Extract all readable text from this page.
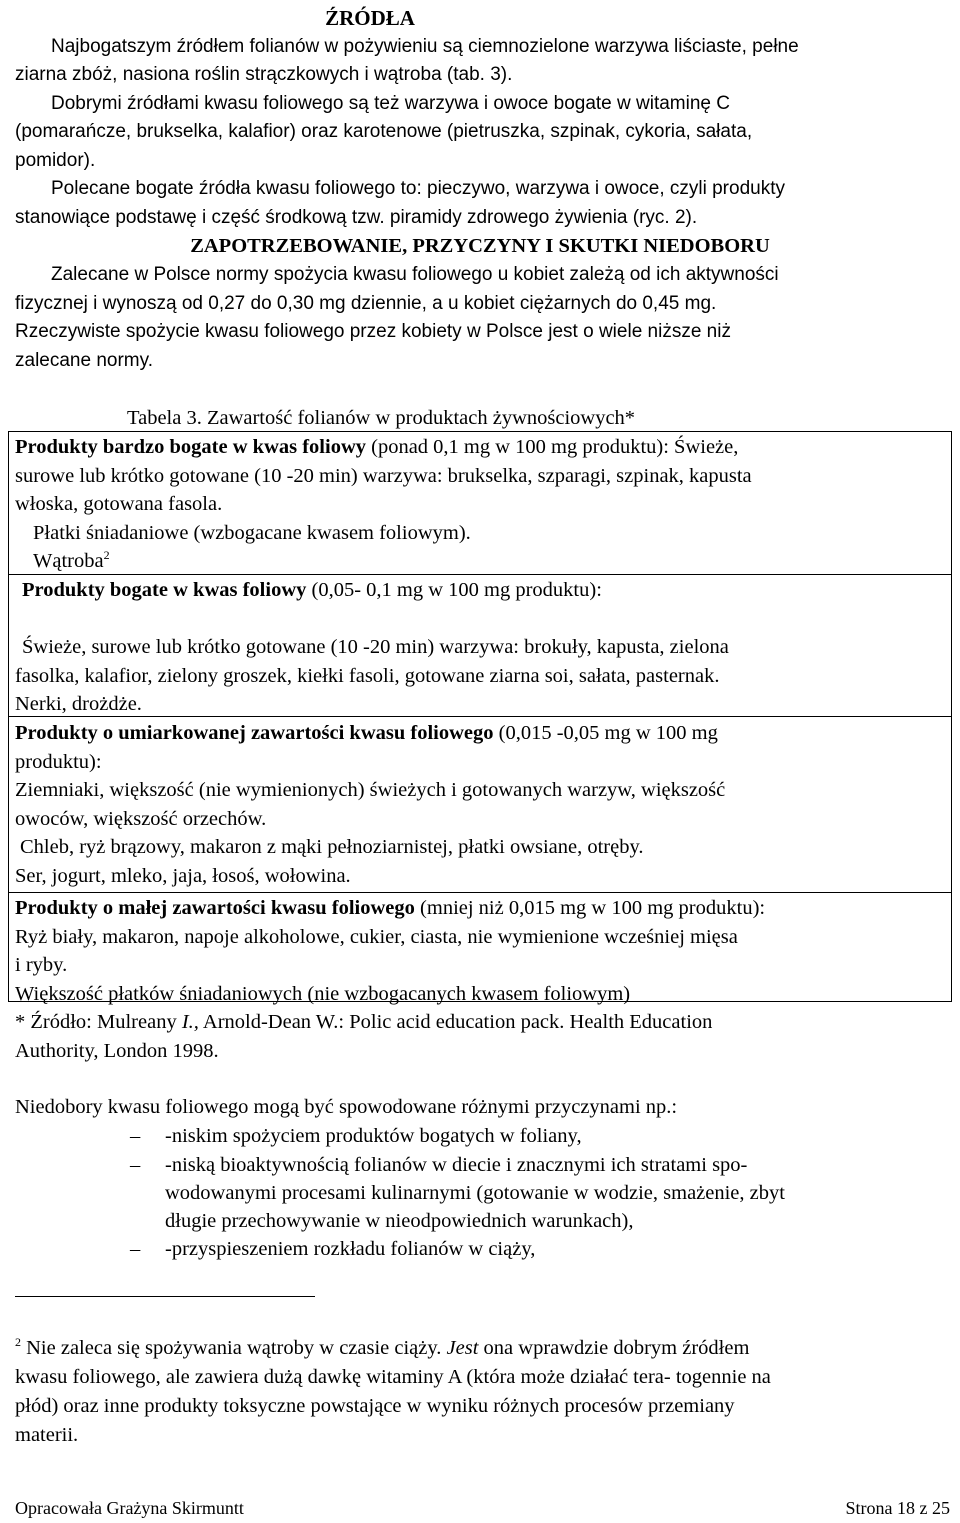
ŹRÓDŁA
Najbogatszym źródłem folianów w pożywieniu są ciemnozielone warzywa liściaste, pełne
ziarna zbóż, nasiona roślin strączkowych i wątroba (tab. 3).
Dobrymi źródłami kwasu foliowego są też warzywa i owoce bogate w witaminę C
(pomarańcze, brukselka, kalafior) oraz karotenowe (pietruszka, szpinak, cykoria, sałata,
pomidor).
Polecane bogate źródła kwasu foliowego to: pieczywo, warzywa i owoce, czyli produkty
stanowiące podstawę i część środkową tzw. piramidy zdrowego żywienia (ryc. 2).
ZAPOTRZEBOWANIE, PRZYCZYNY I SKUTKI NIEDOBORU
Zalecane w Polsce normy spożycia kwasu foliowego u kobiet zależą od ich aktywności
fizycznej i wynoszą od 0,27 do 0,30 mg dziennie, a u kobiet ciężarnych do 0,45 mg.
Rzeczywiste spożycie kwasu foliowego przez kobiety w Polsce jest o wiele niższe niż
zalecane normy.
Tabela 3. Zawartość folianów w produktach żywnościowych*
Produkty bardzo bogate w kwas foliowy (ponad 0,1 mg w 100 mg produktu): Świeże,
surowe lub krótko gotowane (10 -20 min) warzywa: brukselka, szparagi, szpinak, kapusta
włoska, gotowana fasola.
Płatki śniadaniowe (wzbogacane kwasem foliowym).
Wątroba$^2$
Produkty bogate w kwas foliowy (0,05- 0,1 mg w 100 mg produktu):
Świeże, surowe lub krótko gotowane (10 -20 min) warzywa: brokuły, kapusta, zielona
fasolka, kalafior, zielony groszek, kiełki fasoli, gotowane ziarna soi, sałata, pasternak.
Nerki, drożdże.
Produkty o umiarkowanej zawartości kwasu foliowego (0,015 -0,05 mg w 100 mg
produktu):
Ziemniaki, większość (nie wymienionych) świeżych i gotowanych warzyw, większość
owoców, większość orzechów.
Chleb, ryż brązowy, makaron z mąki pełnoziarnistej, płatki owsiane, otręby.
Ser, jogurt, mleko, jaja, łosoś, wołowina.
Produkty o małej zawartości kwasu foliowego (mniej niż 0,015 mg w 100 mg produktu):
Ryż biały, makaron, napoje alkoholowe, cukier, ciasta, nie wymienione wcześniej mięsa
i ryby.
Większość płatków śniadaniowych (nie wzbogacanych kwasem foliowym)
* Źródło: Mulreany I., Arnold-Dean W.: Polic acid education pack. Health Education
Authority, London 1998.
Niedobory kwasu foliowego mogą być spowodowane różnymi przyczynami np.:
–	-niskim spożyciem produktów bogatych w foliany,
–	-niską bioaktywnością folianów w diecie i znacznymi ich stratami spo-
wodowanymi procesami kulinarnymi (gotowanie w wodzie, smażenie, zbyt
długie przechowywanie w nieodpowiednich warunkach),
–	-przyspieszeniem rozkładu folianów w ciąży,
$^2$ Nie zaleca się spożywania wątroby w czasie ciąży. Jest ona wprawdzie dobrym źródłem
kwasu foliowego, ale zawiera dużą dawkę witaminy A (która może działać tera- togennie na
płód) oraz inne produkty toksyczne powstające w wyniku różnych procesów przemiany
materii.
Opracowała Grażyna Skirmuntt	Strona 18 z 25
